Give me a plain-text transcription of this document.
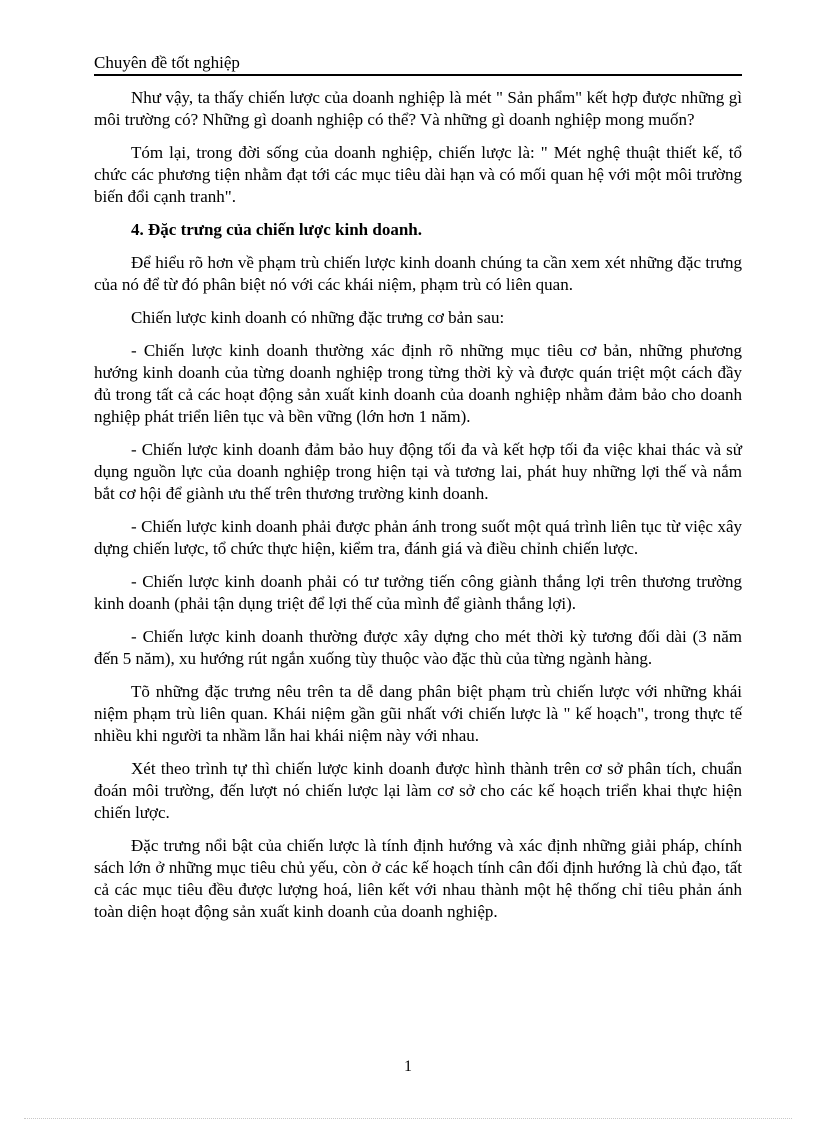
Chuyên đề tốt nghiệp

Như vậy, ta thấy chiến lược của doanh nghiệp là mét " Sản phẩm" kết hợp được những gì môi trường có? Những gì doanh nghiệp có thể? Và những gì doanh nghiệp mong muốn?

Tóm lại, trong đời sống của doanh nghiệp, chiến lược là: " Mét nghệ thuật thiết kế, tổ chức các phương tiện nhằm đạt tới các mục tiêu dài hạn và có mối quan hệ với một môi trường biến đổi cạnh tranh".

4. Đặc trưng của chiến lược kinh doanh.

Để hiểu rõ hơn về phạm trù chiến lược kinh doanh chúng ta cần xem xét những đặc trưng của nó để từ đó phân biệt nó với các khái niệm, phạm trù có liên quan.

Chiến lược kinh doanh có những đặc trưng cơ bản sau:

- Chiến lược kinh doanh thường xác định rõ những mục tiêu cơ bản, những phương hướng kinh doanh của từng doanh nghiệp trong từng thời kỳ và được quán triệt một cách đầy đủ trong tất cả các hoạt động sản xuất kinh doanh của doanh nghiệp nhằm đảm bảo cho doanh nghiệp phát triển liên tục và bền vững (lớn hơn 1 năm).

- Chiến lược kinh doanh đảm bảo huy động tối đa và kết hợp tối đa việc khai thác và sử dụng nguồn lực của doanh nghiệp trong hiện tại và tương lai, phát huy những lợi thế và nắm bắt cơ hội để giành ưu thế trên thương trường kinh doanh.

- Chiến lược kinh doanh phải được phản ánh trong suốt một quá trình liên tục từ việc xây dựng chiến lược, tổ chức thực hiện, kiểm tra, đánh giá và điều chỉnh chiến lược.

- Chiến lược kinh doanh phải có tư tưởng tiến công giành thắng lợi trên thương trường kinh doanh (phải tận dụng triệt để lợi thế của mình để giành thắng lợi).

- Chiến lược kinh doanh thường được xây dựng cho mét thời kỳ tương đối dài (3 năm đến 5 năm), xu hướng rút ngắn xuống tùy thuộc vào đặc thù của từng ngành hàng.

Tõ những đặc trưng nêu trên ta dễ dang phân biệt phạm trù chiến lược với những khái niệm phạm trù liên quan. Khái niệm gần gũi nhất với chiến lược là " kế hoạch", trong thực tế nhiều khi người ta nhầm lẫn hai khái niệm này với nhau.

Xét theo trình tự thì chiến lược kinh doanh được hình thành trên cơ sở phân tích, chuẩn đoán môi trường, đến lượt nó chiến lược lại làm cơ sở cho các kế hoạch triển khai thực hiện chiến lược.

Đặc trưng nổi bật của chiến lược là tính định hướng và xác định những giải pháp, chính sách lớn ở những mục tiêu chủ yếu, còn ở các kế hoạch tính cân đối định hướng là chủ đạo, tất cả các mục tiêu đều được lượng hoá, liên kết với nhau thành một hệ thống chỉ tiêu phản ánh toàn diện hoạt động sản xuất kinh doanh của doanh nghiệp.

1
